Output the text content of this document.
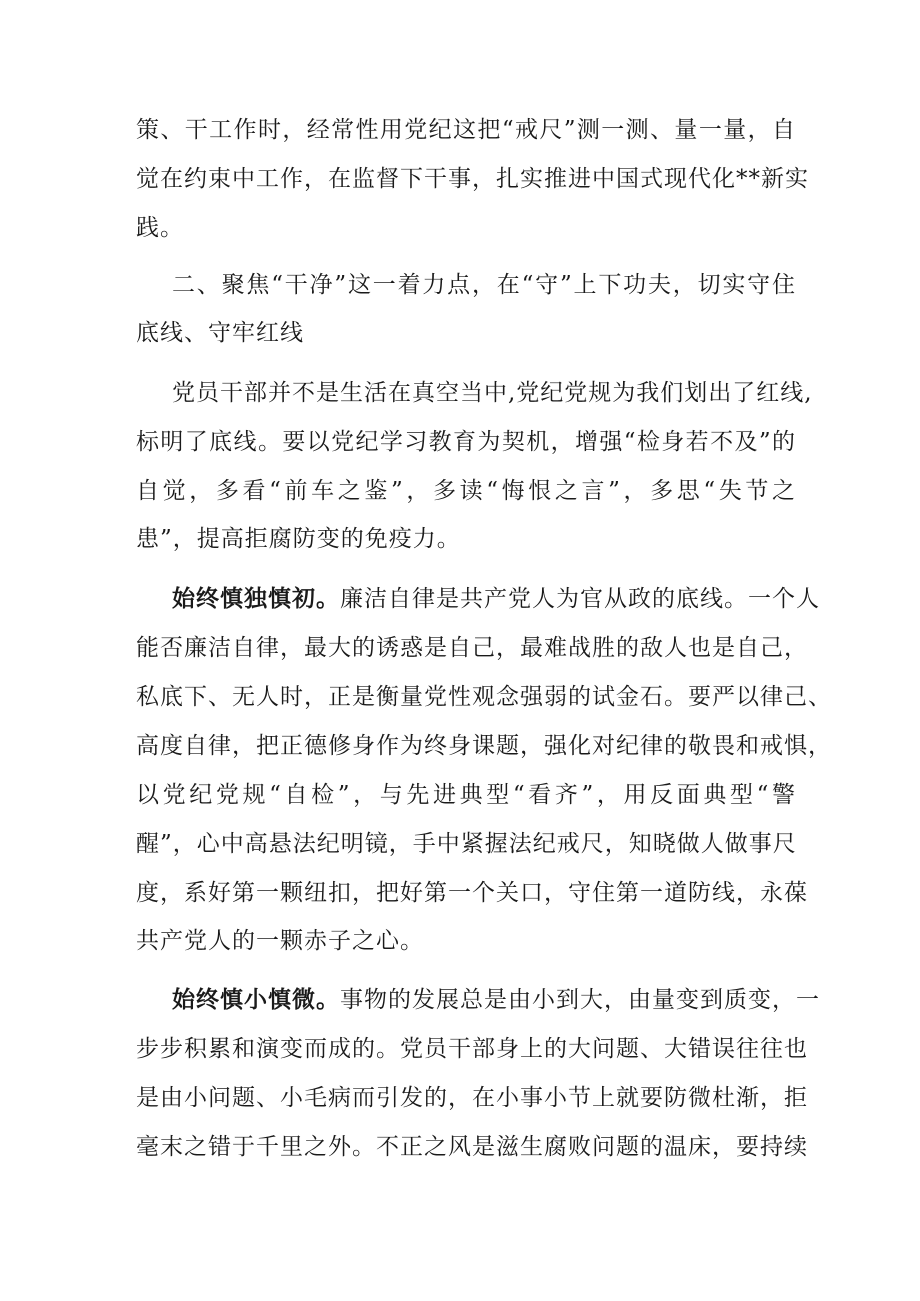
策、干工作时，经常性用党纪这把“戒尺”测一测、量一量，自
觉在约束中工作，在监督下干事，扎实推进中国式现代化**新实
践。
二、聚焦“干净”这一着力点，在“守”上下功夫，切实守住
底线、守牢红线
党员干部并不是生活在真空当中,党纪党规为我们划出了红线,
标明了底线。要以党纪学习教育为契机，增强“检身若不及”的
自觉，多看“前车之鉴”，多读“悔恨之言”，多思“失节之
患”，提高拒腐防变的免疫力。
始终慎独慎初。廉洁自律是共产党人为官从政的底线。一个人
能否廉洁自律，最大的诱惑是自己，最难战胜的敌人也是自己，
私底下、无人时，正是衡量党性观念强弱的试金石。要严以律己、
高度自律，把正德修身作为终身课题，强化对纪律的敬畏和戒惧，
以党纪党规“自检”，与先进典型“看齐”，用反面典型“警
醒”，心中高悬法纪明镜，手中紧握法纪戒尺，知晓做人做事尺
度，系好第一颗纽扣，把好第一个关口，守住第一道防线，永葆
共产党人的一颗赤子之心。
始终慎小慎微。事物的发展总是由小到大，由量变到质变，一
步步积累和演变而成的。党员干部身上的大问题、大错误往往也
是由小问题、小毛病而引发的，在小事小节上就要防微杜渐，拒
毫末之错于千里之外。不正之风是滋生腐败问题的温床，要持续
